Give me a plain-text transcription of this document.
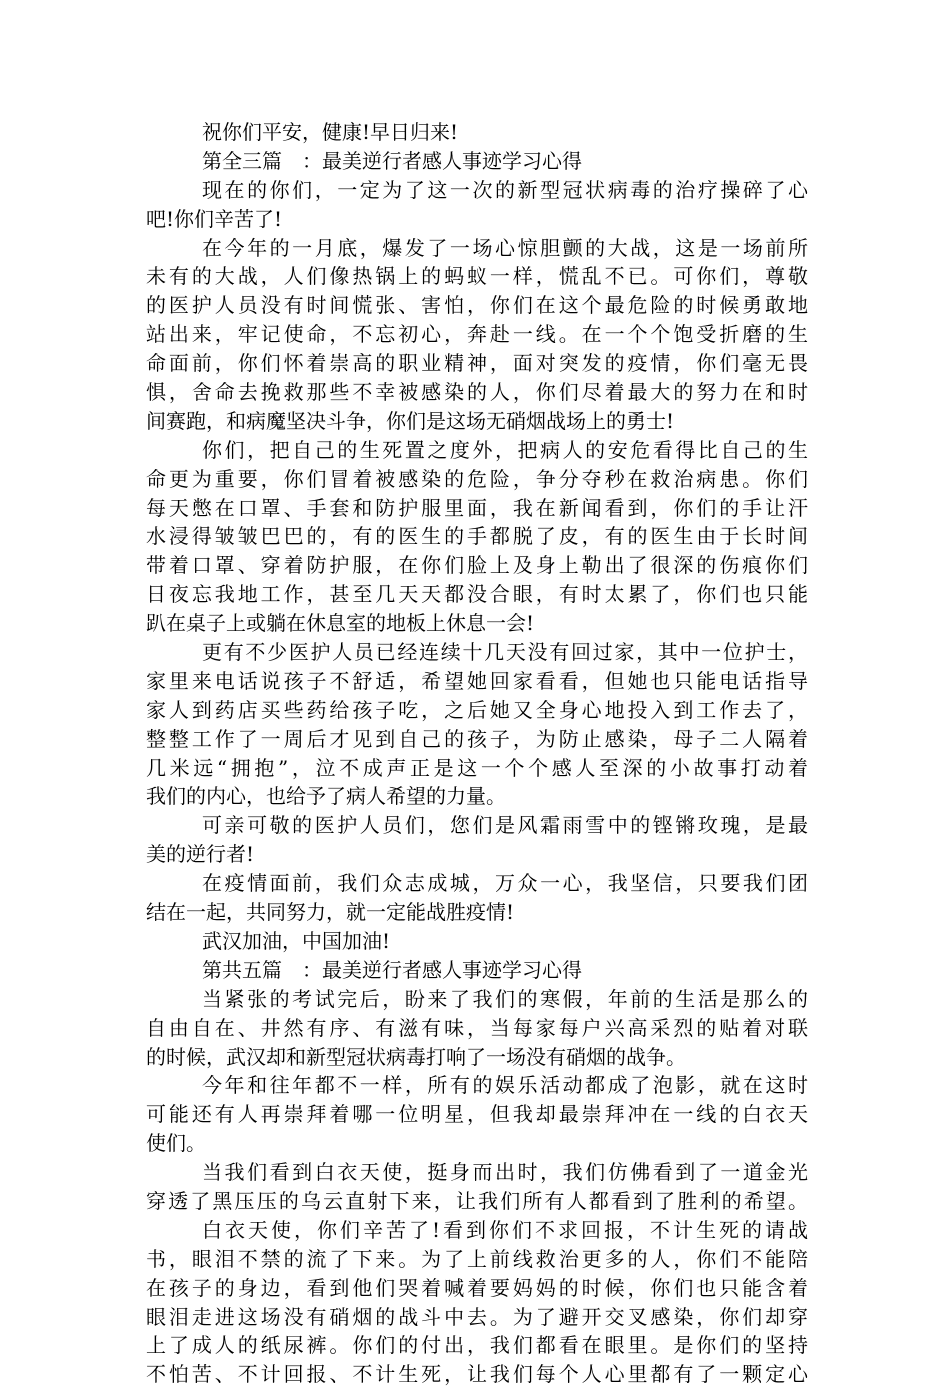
祝你们平安，健康!早日归来!
第全三篇　：最美逆行者感人事迹学习心得
现在的你们，一定为了这一次的新型冠状病毒的治疗操碎了心
吧!你们辛苦了!
在今年的一月底，爆发了一场心惊胆颤的大战，这是一场前所
未有的大战，人们像热锅上的蚂蚁一样，慌乱不已。可你们，尊敬
的医护人员没有时间慌张、害怕，你们在这个最危险的时候勇敢地
站出来，牢记使命，不忘初心，奔赴一线。在一个个饱受折磨的生
命面前，你们怀着崇高的职业精神，面对突发的疫情，你们毫无畏
惧，舍命去挽救那些不幸被感染的人，你们尽着最大的努力在和时
间赛跑，和病魔坚决斗争，你们是这场无硝烟战场上的勇士!
你们，把自己的生死置之度外，把病人的安危看得比自己的生
命更为重要，你们冒着被感染的危险，争分夺秒在救治病患。你们
每天憋在口罩、手套和防护服里面，我在新闻看到，你们的手让汗
水浸得皱皱巴巴的，有的医生的手都脱了皮，有的医生由于长时间
带着口罩、穿着防护服，在你们脸上及身上勒出了很深的伤痕你们
日夜忘我地工作，甚至几天天都没合眼，有时太累了，你们也只能
趴在桌子上或躺在休息室的地板上休息一会!
更有不少医护人员已经连续十几天没有回过家，其中一位护士，
家里来电话说孩子不舒适，希望她回家看看，但她也只能电话指导
家人到药店买些药给孩子吃，之后她又全身心地投入到工作去了，
整整工作了一周后才见到自己的孩子，为防止感染，母子二人隔着
几米远“拥抱”，泣不成声正是这一个个感人至深的小故事打动着
我们的内心，也给予了病人希望的力量。
可亲可敬的医护人员们，您们是风霜雨雪中的铿锵玫瑰，是最
美的逆行者!
在疫情面前，我们众志成城，万众一心，我坚信，只要我们团
结在一起，共同努力，就一定能战胜疫情!
武汉加油，中国加油!
第共五篇　：最美逆行者感人事迹学习心得
当紧张的考试完后，盼来了我们的寒假，年前的生活是那么的
自由自在、井然有序、有滋有味，当每家每户兴高采烈的贴着对联
的时候，武汉却和新型冠状病毒打响了一场没有硝烟的战争。
今年和往年都不一样，所有的娱乐活动都成了泡影，就在这时
可能还有人再崇拜着哪一位明星，但我却最崇拜冲在一线的白衣天
使们。
当我们看到白衣天使，挺身而出时，我们仿佛看到了一道金光
穿透了黑压压的乌云直射下来，让我们所有人都看到了胜利的希望。
白衣天使，你们辛苦了!看到你们不求回报，不计生死的请战
书，眼泪不禁的流了下来。为了上前线救治更多的人，你们不能陪
在孩子的身边，看到他们哭着喊着要妈妈的时候，你们也只能含着
眼泪走进这场没有硝烟的战斗中去。为了避开交叉感染，你们却穿
上了成人的纸尿裤。你们的付出，我们都看在眼里。是你们的坚持
不怕苦、不计回报、不计生死，让我们每个人心里都有了一颗定心
